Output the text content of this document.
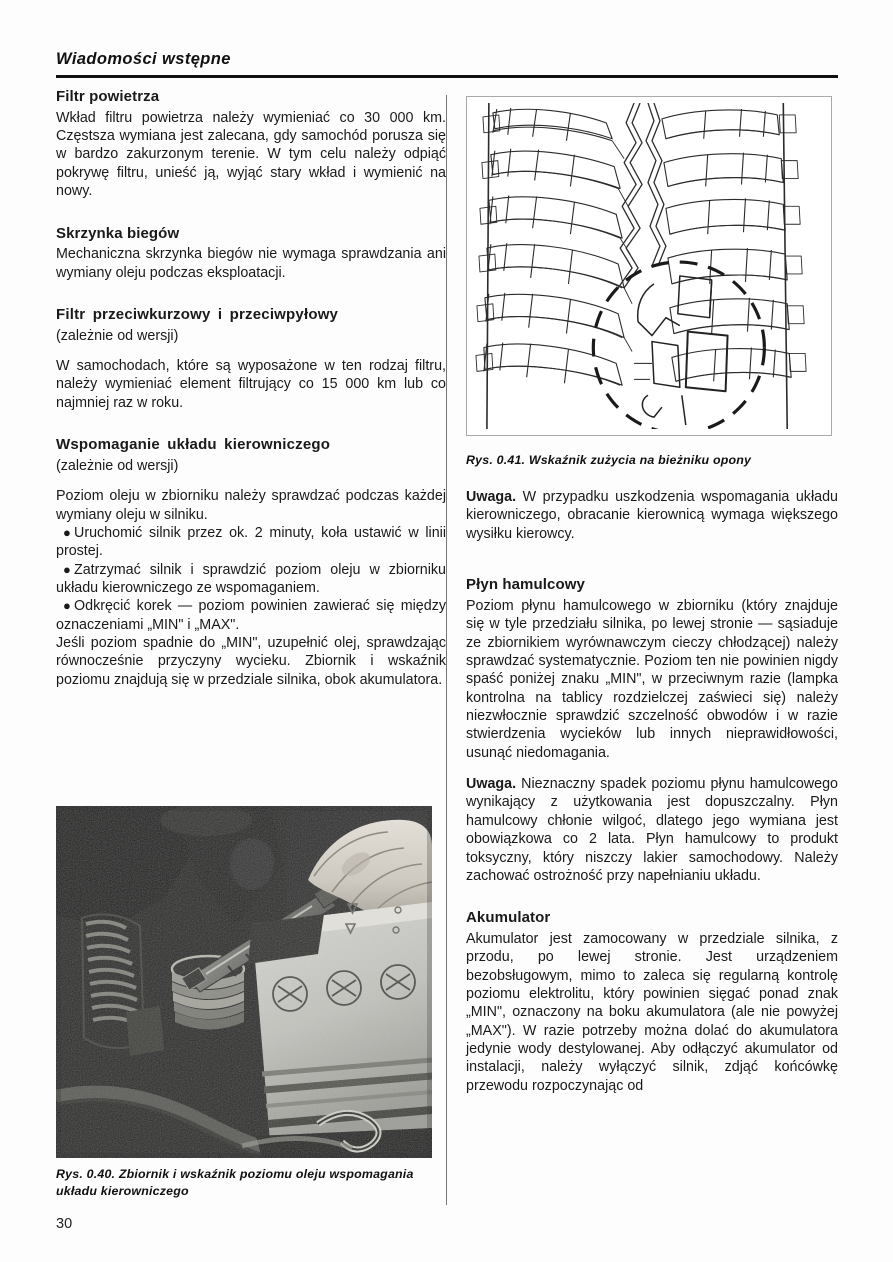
Wiadomości wstępne
Filtr powietrza

Wkład filtru powietrza należy wymieniać co 30 000 km. Częstsza wymiana jest zalecana, gdy samochód porusza się w bardzo zakurzonym terenie. W tym celu należy odpiąć pokrywę filtru, unieść ją, wyjąć stary wkład i wymienić na nowy.

Skrzynka biegów

Mechaniczna skrzynka biegów nie wymaga sprawdzania ani wymiany oleju podczas eksploatacji.

Filtr przeciwkurzowy i przeciwpyłowy
(zależnie od wersji)

W samochodach, które są wyposażone w ten rodzaj filtru, należy wymieniać element filtrujący co 15 000 km lub co najmniej raz w roku.

Wspomaganie układu kierowniczego
(zależnie od wersji)

Poziom oleju w zbiorniku należy sprawdzać podczas każdej wymiany oleju w silniku.

● Uruchomić silnik przez ok. 2 minuty, koła ustawić w linii prostej.

● Zatrzymać silnik i sprawdzić poziom oleju w zbiorniku układu kierowniczego ze wspomaganiem.

● Odkręcić korek — poziom powinien zawierać się między oznaczeniami „MIN" i „MAX".

Jeśli poziom spadnie do „MIN", uzupełnić olej, sprawdzając równocześnie przyczyny wycieku. Zbiornik i wskaźnik poziomu znajdują się w przedziale silnika, obok akumulatora.

Rys. 0.41. Wskaźnik zużycia na bieżniku opony

Uwaga. W przypadku uszkodzenia wspomagania układu kierowniczego, obracanie kierownicą wymaga większego wysiłku kierowcy.

Płyn hamulcowy

Poziom płynu hamulcowego w zbiorniku (który znajduje się w tyle przedziału silnika, po lewej stronie — sąsiaduje ze zbiornikiem wyrównawczym cieczy chłodzącej) należy sprawdzać systematycznie. Poziom ten nie powinien nigdy spaść poniżej znaku „MIN", w przeciwnym razie (lampka kontrolna na tablicy rozdzielczej zaświeci się) należy niezwłocznie sprawdzić szczelność obwodów i w razie stwierdzenia wycieków lub innych nieprawidłowości, usunąć niedomagania.

Uwaga. Nieznaczny spadek poziomu płynu hamulcowego wynikający z użytkowania jest dopuszczalny. Płyn hamulcowy chłonie wilgoć, dlatego jego wymiana jest obowiązkowa co 2 lata. Płyn hamulcowy to produkt toksyczny, który niszczy lakier samochodowy. Należy zachować ostrożność przy napełnianiu układu.

Akumulator

Akumulator jest zamocowany w przedziale silnika, z przodu, po lewej stronie. Jest urządzeniem bezobsługowym, mimo to zaleca się regularną kontrolę poziomu elektrolitu, który powinien sięgać ponad znak „MIN", oznaczony na boku akumulatora (ale nie powyżej „MAX"). W razie potrzeby można dolać do akumulatora jedynie wody destylowanej. Aby odłączyć akumulator od instalacji, należy wyłączyć silnik, zdjąć końcówkę przewodu rozpoczynając od

Rys. 0.40. Zbiornik i wskaźnik poziomu oleju wspomagania układu kierowniczego
30
